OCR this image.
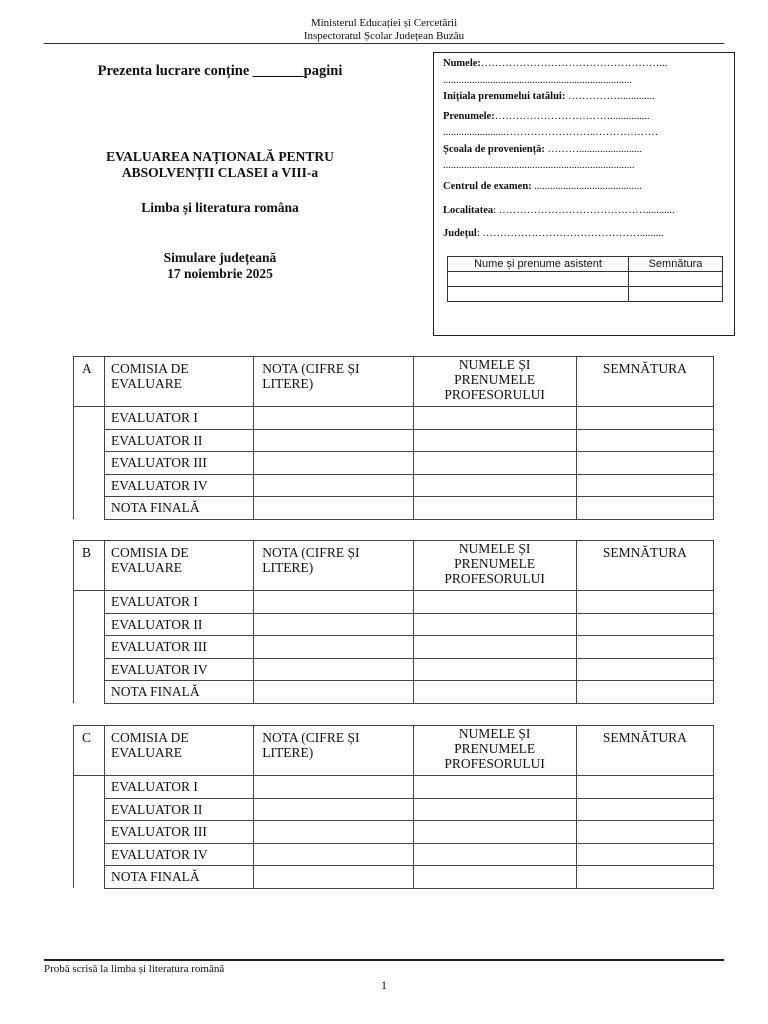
Ministerul Educației și Cercetării
Inspectoratul Școlar Județean Buzău
Prezenta lucrare conține _______pagini
EVALUAREA NAȚIONALĂ PENTRU
ABSOLVENȚII CLASEI a VIII-a
Limba și literatura româna
Simulare județeană
17 noiembrie 2025
Numele:……………………………………………...
........................................................................
Inițiala prenumelui tatălui: …………….............
Prenumele:……………………………...............
........................……………………..………………
Școala de proveniență: ………........................
.........................................................................
Centrul de examen: .........................................
Localitatea: ……………………………………...........
Județul: ……………………………………….........
Nume și prenume asistent	Semnătura

A	COMISIA DE EVALUARE	NOTA (CIFRE ȘI LITERE)	NUMELE ȘI
PRENUMELE
PROFESORULUI	SEMNĂTURA
	EVALUATOR I			
	EVALUATOR II			
	EVALUATOR III			
	EVALUATOR IV			
	NOTA FINALĂ			
B	COMISIA DE EVALUARE	NOTA (CIFRE ȘI LITERE)	NUMELE ȘI
PRENUMELE
PROFESORULUI	SEMNĂTURA
	EVALUATOR I			
	EVALUATOR II			
	EVALUATOR III			
	EVALUATOR IV			
	NOTA FINALĂ			
C	COMISIA DE EVALUARE	NOTA (CIFRE ȘI LITERE)	NUMELE ȘI
PRENUMELE
PROFESORULUI	SEMNĂTURA
	EVALUATOR I			
	EVALUATOR II			
	EVALUATOR III			
	EVALUATOR IV			
	NOTA FINALĂ			
Probă scrisă la limba și literatura română
1
